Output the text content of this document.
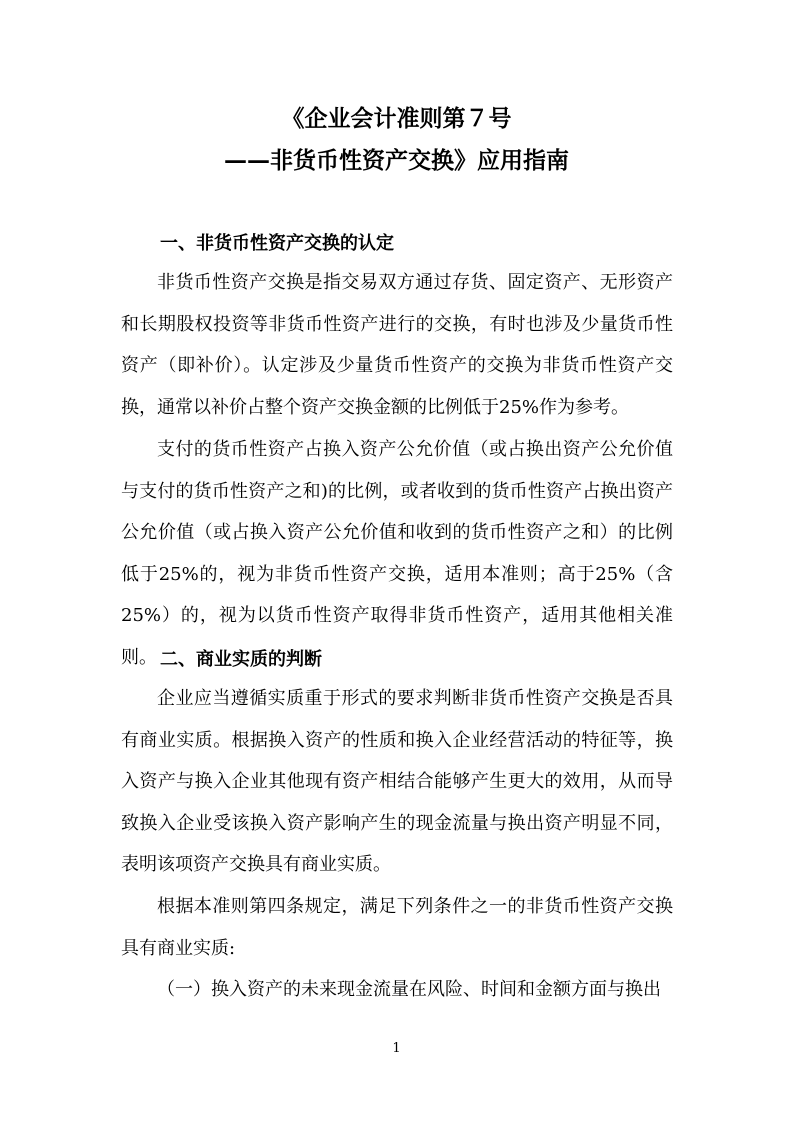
《企业会计准则第７号
——非货币性资产交换》应用指南
一、非货币性资产交换的认定

非货币性资产交换是指交易双方通过存货、固定资产、无形资产和长期股权投资等非货币性资产进行的交换，有时也涉及少量货币性资产（即补价）。认定涉及少量货币性资产的交换为非货币性资产交换，通常以补价占整个资产交换金额的比例低于25%作为参考。

支付的货币性资产占换入资产公允价值（或占换出资产公允价值与支付的货币性资产之和)的比例，或者收到的货币性资产占换出资产公允价值（或占换入资产公允价值和收到的货币性资产之和）的比例低于25%的，视为非货币性资产交换，适用本准则；高于25%（含25%）的，视为以货币性资产取得非货币性资产，适用其他相关准则。 二、商业实质的判断

企业应当遵循实质重于形式的要求判断非货币性资产交换是否具有商业实质。根据换入资产的性质和换入企业经营活动的特征等，换入资产与换入企业其他现有资产相结合能够产生更大的效用，从而导致换入企业受该换入资产影响产生的现金流量与换出资产明显不同，表明该项资产交换具有商业实质。

根据本准则第四条规定，满足下列条件之一的非货币性资产交换具有商业实质:

（一）换入资产的未来现金流量在风险、时间和金额方面与换出

1
